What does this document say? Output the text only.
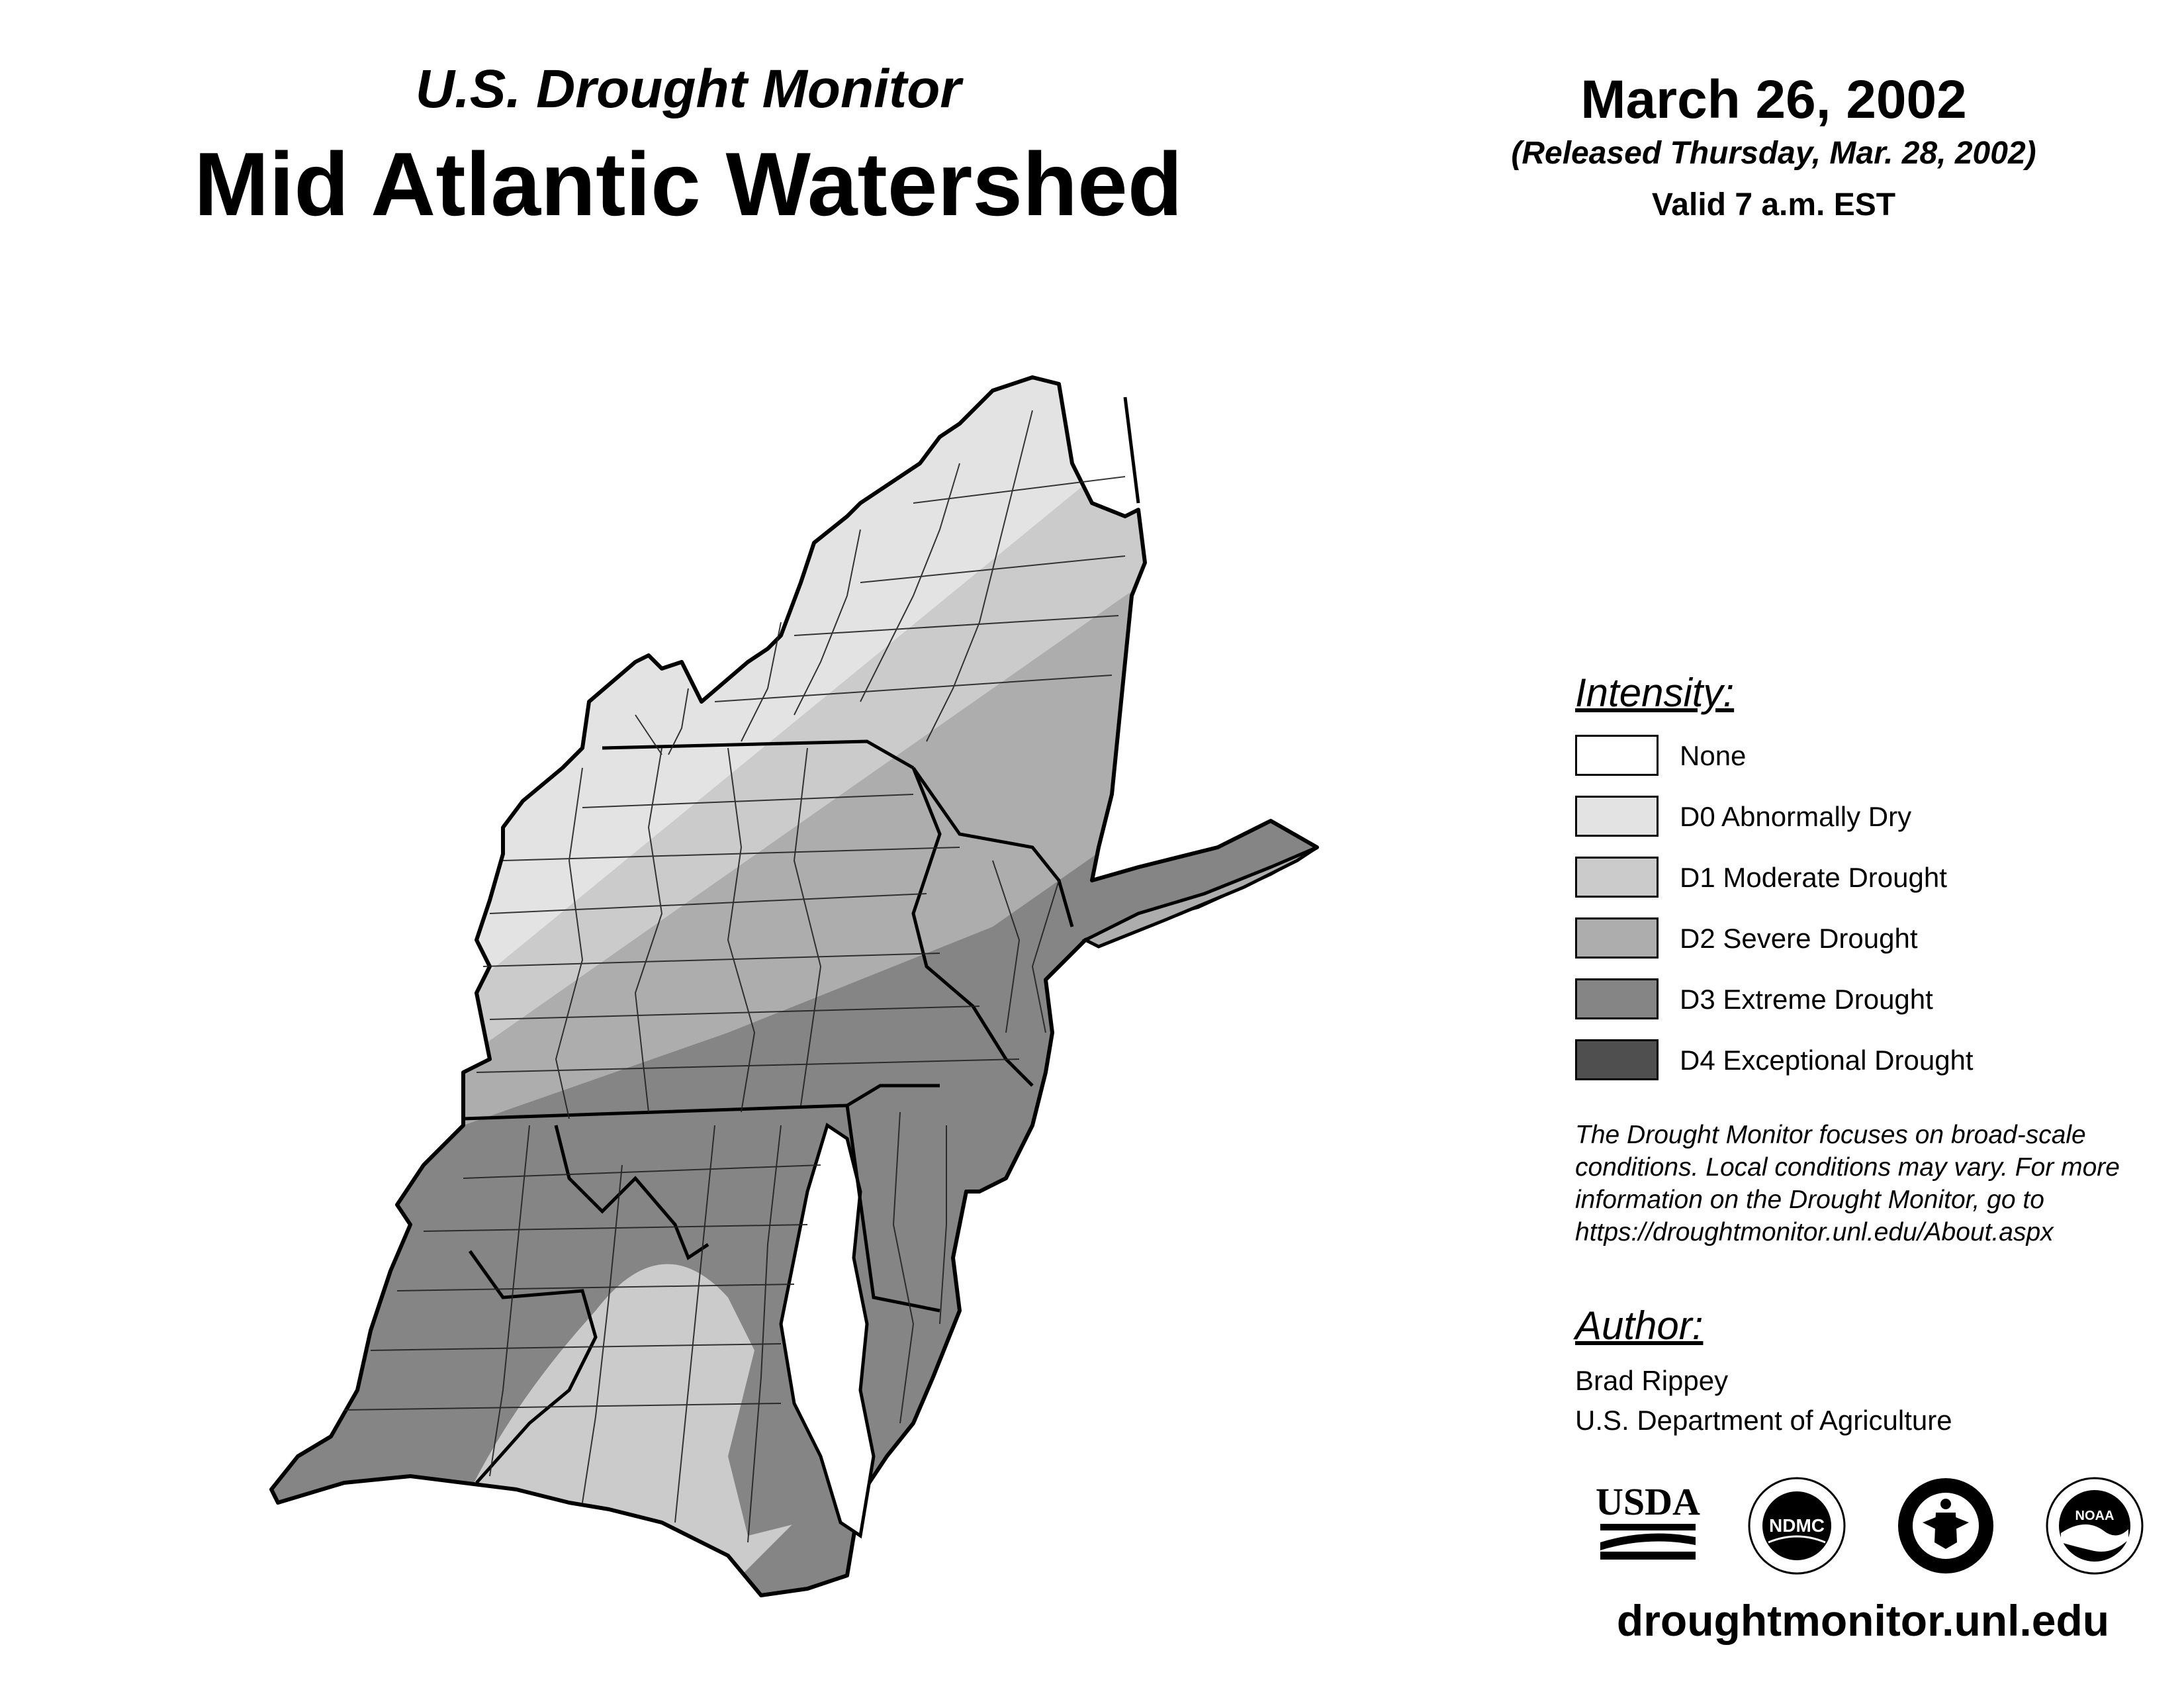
U.S. Drought Monitor
Mid Atlantic Watershed
March 26, 2002
(Released Thursday, Mar. 28, 2002)
Valid 7 a.m. EST
Intensity:
None
D0 Abnormally Dry
D1 Moderate Drought
D2 Severe Drought
D3 Extreme Drought
D4 Exceptional Drought
The Drought Monitor focuses on broad-scale
conditions. Local conditions may vary. For more
information on the Drought Monitor, go to
https://droughtmonitor.unl.edu/About.aspx
Author:
Brad Rippey
U.S. Department of Agriculture
USDA
NDMC	NOAA
droughtmonitor.unl.edu
